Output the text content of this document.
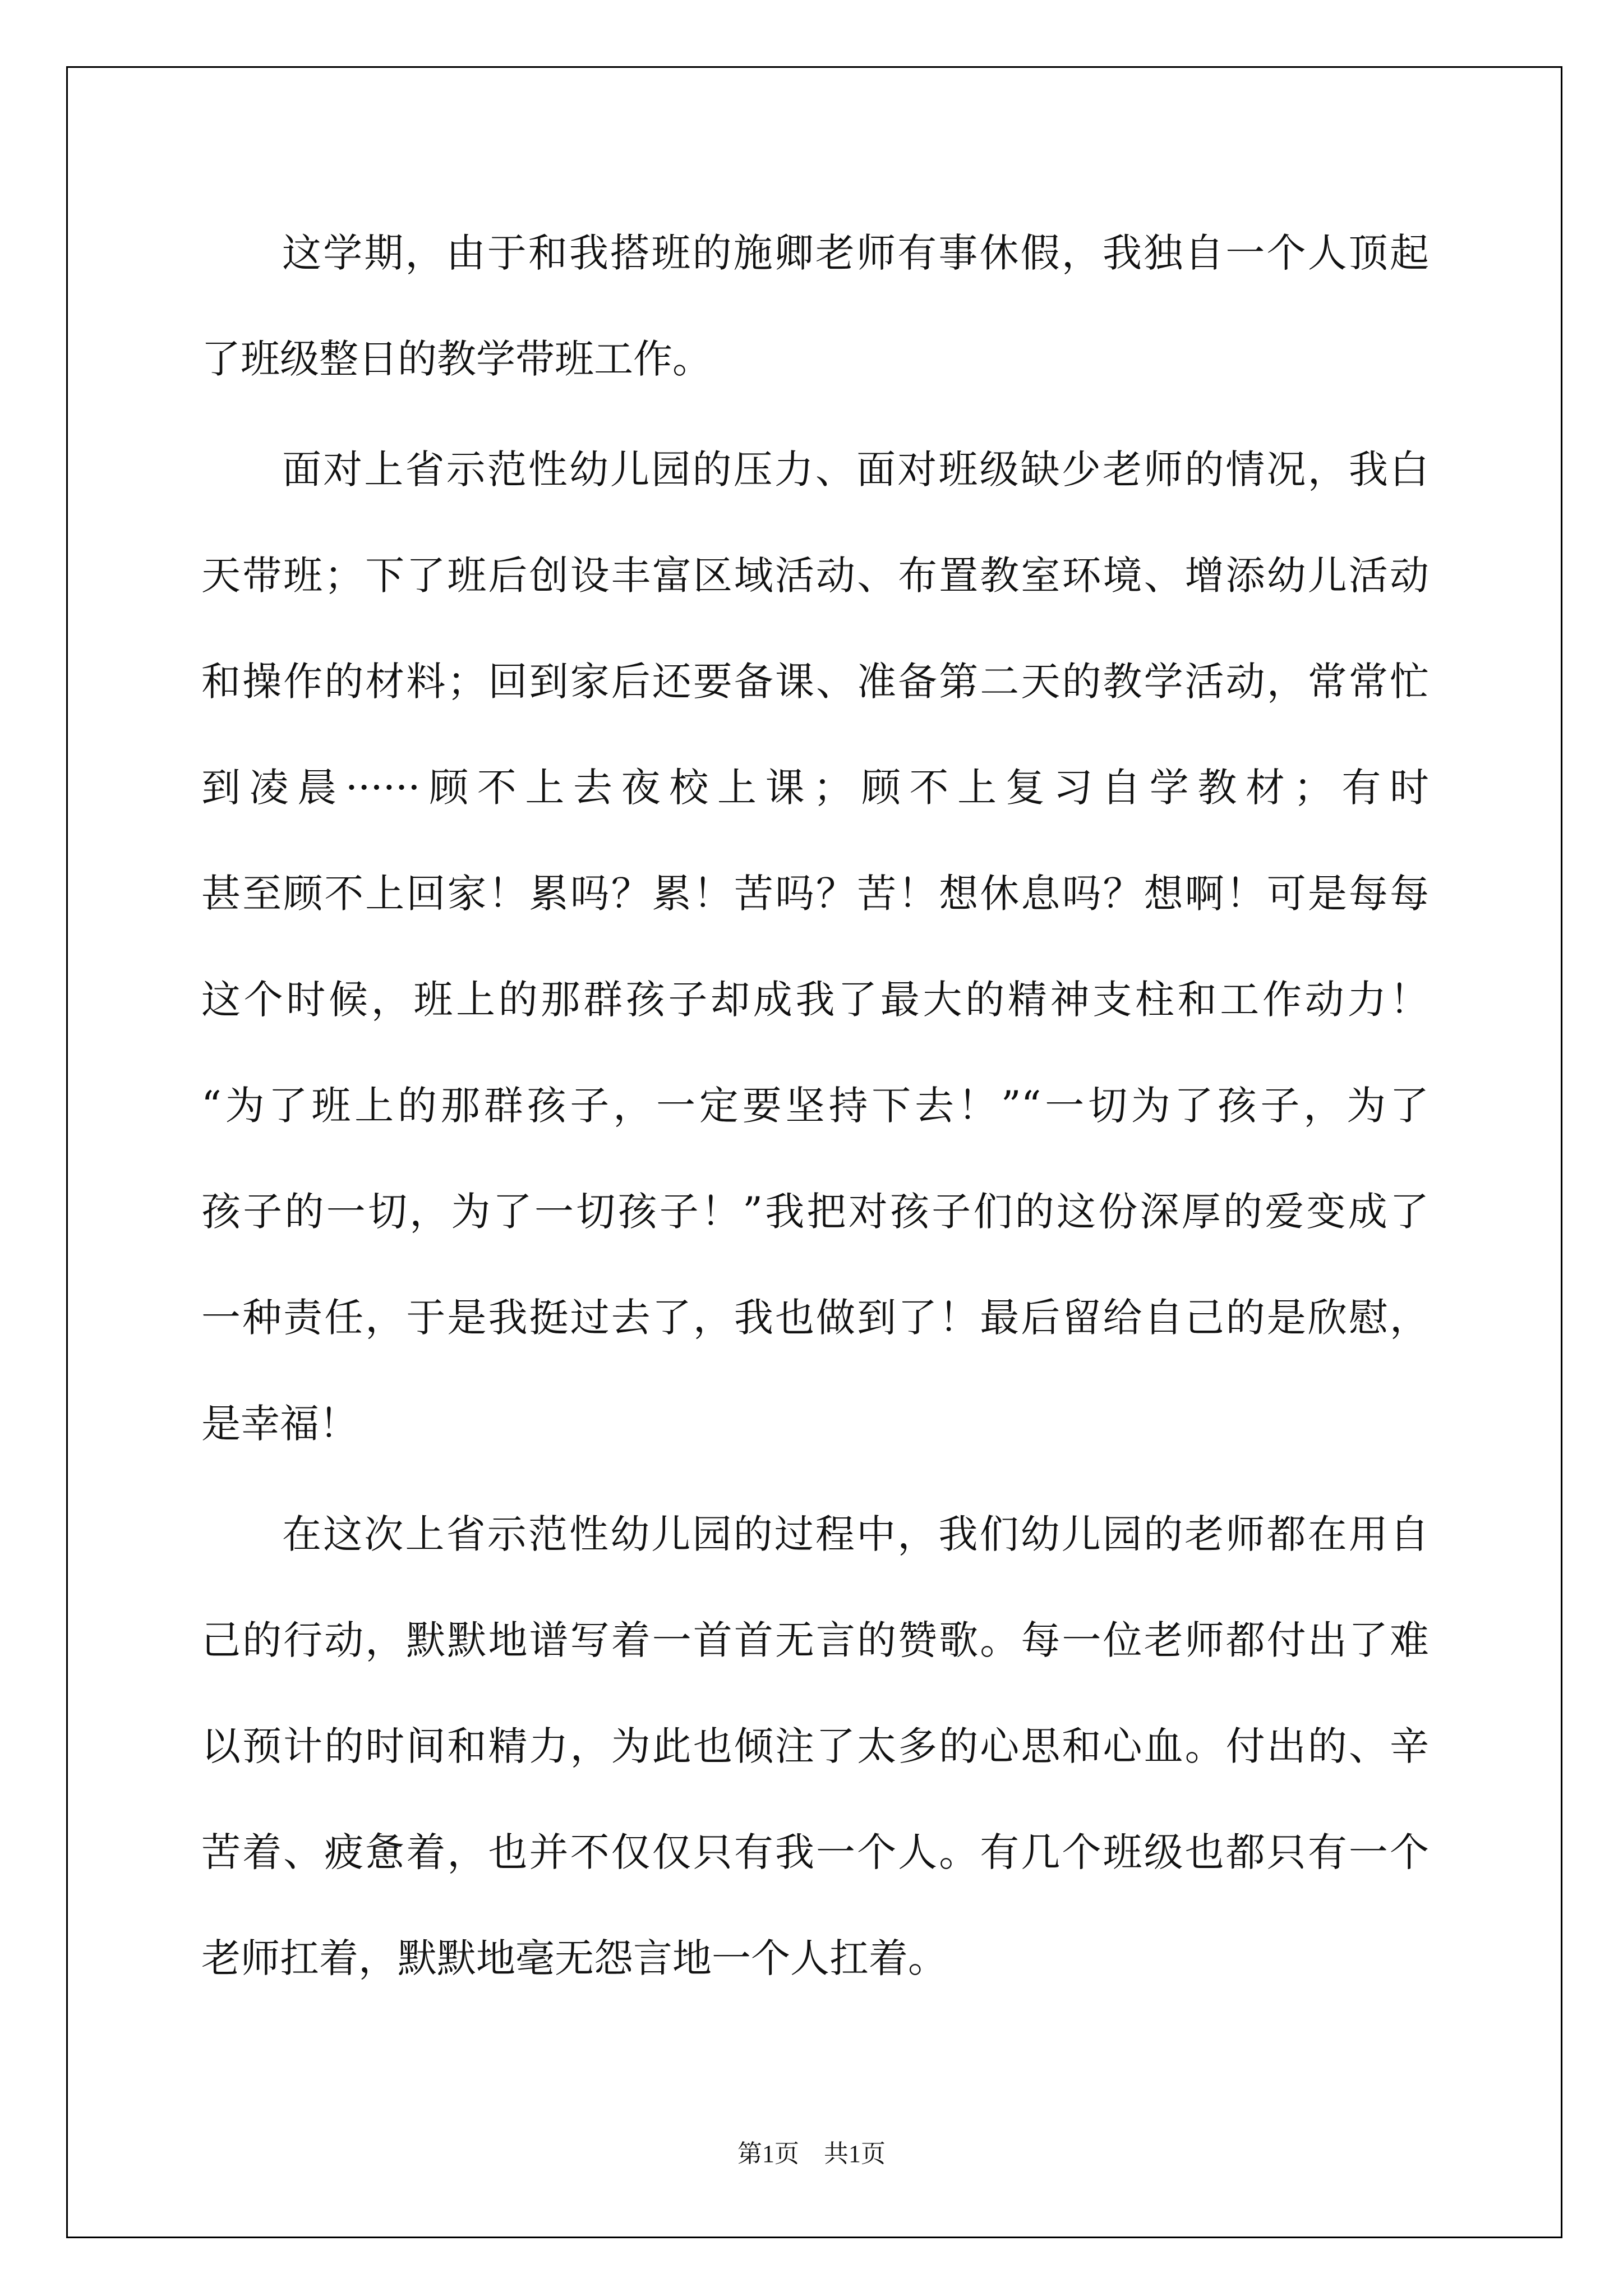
这学期，由于和我搭班的施卿老师有事休假，我独自一个人顶起
了班级整日的教学带班工作。
面对上省示范性幼儿园的压力、面对班级缺少老师的情况，我白
天带班；下了班后创设丰富区域活动、布置教室环境、增添幼儿活动
和操作的材料；回到家后还要备课、准备第二天的教学活动，常常忙
到凌晨······顾不上去夜校上课；顾不上复习自学教材；有时
甚至顾不上回家！累吗？累！苦吗？苦！想休息吗？想啊！可是每每
这个时候，班上的那群孩子却成我了最大的精神支柱和工作动力！
“为了班上的那群孩子，一定要坚持下去！”“一切为了孩子，为了
孩子的一切，为了一切孩子！”我把对孩子们的这份深厚的爱变成了
一种责任，于是我挺过去了，我也做到了！最后留给自己的是欣慰，
是幸福！
在这次上省示范性幼儿园的过程中，我们幼儿园的老师都在用自
己的行动，默默地谱写着一首首无言的赞歌。每一位老师都付出了难
以预计的时间和精力，为此也倾注了太多的心思和心血。付出的、辛
苦着、疲惫着，也并不仅仅只有我一个人。有几个班级也都只有一个
老师扛着，默默地毫无怨言地一个人扛着。
第1页　共1页
